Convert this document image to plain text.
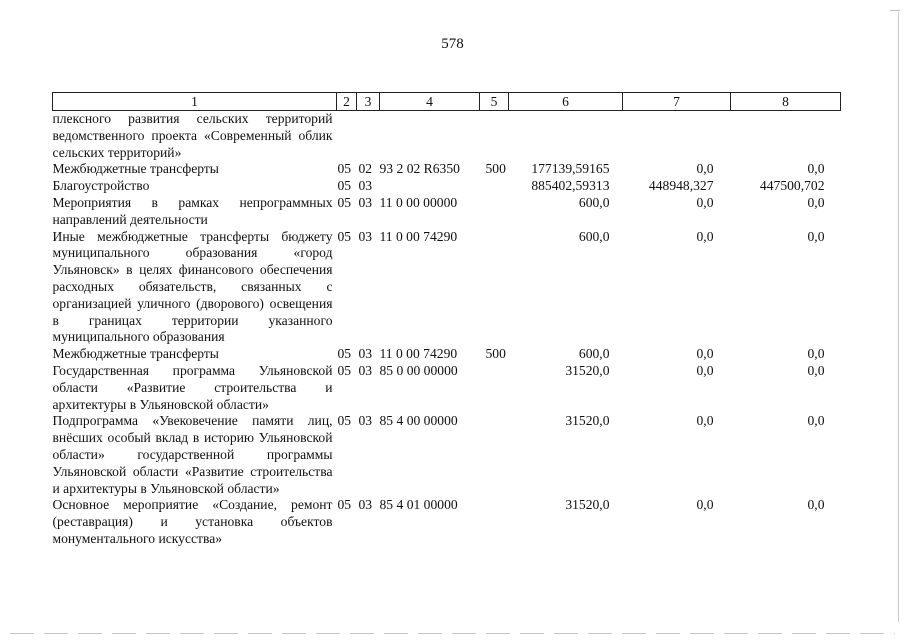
578
1	2	3	4	5	6	7	8
плексного развития сельских территорий ведомственного проекта «Современный облик сельских территорий»							
Межбюджетные трансферты	05	02	93 2 02 R6350	500	177139,59165	0,0	0,0
Благоустройство	05	03			885402,59313	448948,327	447500,702
Мероприятия в рамках непрограммных направлений деятельности	05	03	11 0 00 00000		600,0	0,0	0,0
Иные межбюджетные трансферты бюджету муниципального образования «город Ульяновск» в целях финансового обеспечения расходных обязательств, связанных с организацией уличного (дворового) освещения в границах территории указанного муниципального образования	05	03	11 0 00 74290		600,0	0,0	0,0
Межбюджетные трансферты	05	03	11 0 00 74290	500	600,0	0,0	0,0
Государственная программа Ульяновской области «Развитие строительства и архитектуры в Ульяновской области»	05	03	85 0 00 00000		31520,0	0,0	0,0
Подпрограмма «Увековечение памяти лиц, внёсших особый вклад в историю Ульяновской области» государственной программы Ульяновской области «Развитие строительства и архитектуры в Ульяновской области»	05	03	85 4 00 00000		31520,0	0,0	0,0
Основное мероприятие «Создание, ремонт (реставрация) и установка объектов монументального искусства»	05	03	85 4 01 00000		31520,0	0,0	0,0
